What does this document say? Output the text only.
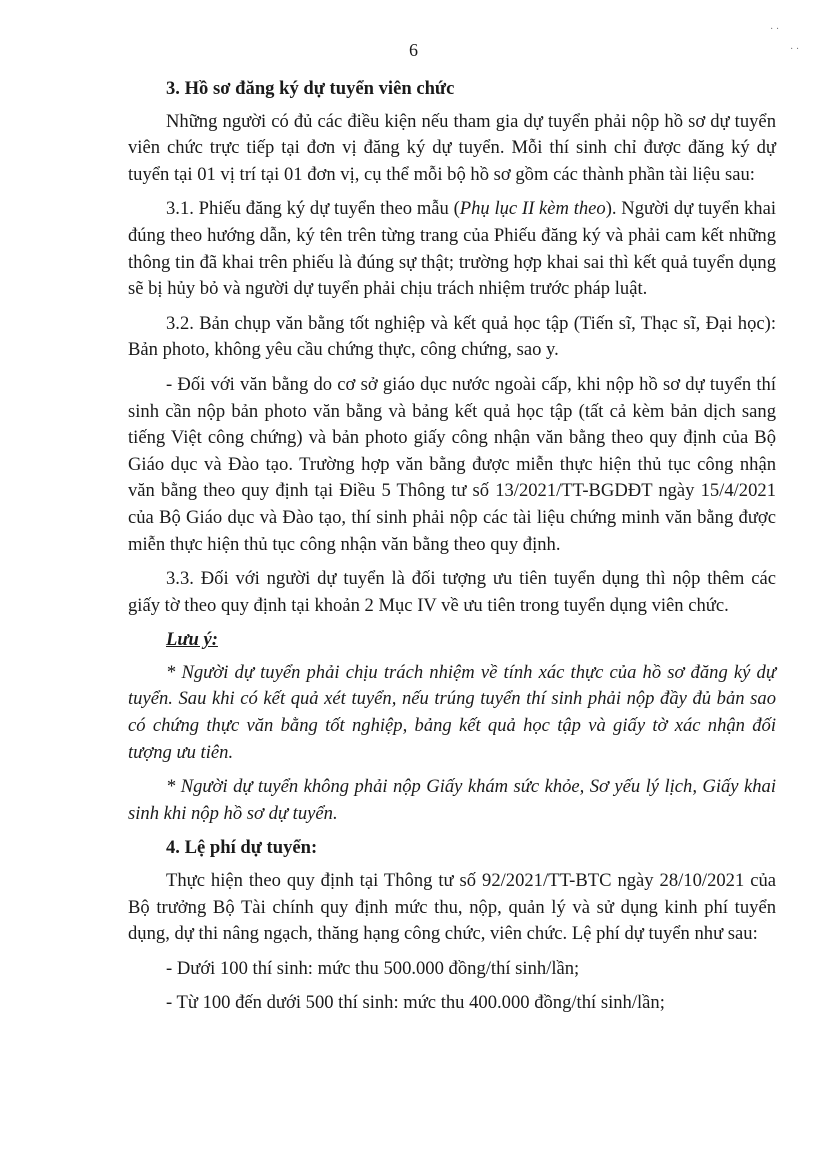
6
· ·
· ·
3. Hồ sơ đăng ký dự tuyển viên chức

Những người có đủ các điều kiện nếu tham gia dự tuyển phải nộp hồ sơ dự tuyển viên chức trực tiếp tại đơn vị đăng ký dự tuyển. Mỗi thí sinh chỉ được đăng ký dự tuyển tại 01 vị trí tại 01 đơn vị, cụ thể mỗi bộ hồ sơ gồm các thành phần tài liệu sau:

3.1. Phiếu đăng ký dự tuyển theo mẫu (Phụ lục II kèm theo). Người dự tuyển khai đúng theo hướng dẫn, ký tên trên từng trang của Phiếu đăng ký và phải cam kết những thông tin đã khai trên phiếu là đúng sự thật; trường hợp khai sai thì kết quả tuyển dụng sẽ bị hủy bỏ và người dự tuyển phải chịu trách nhiệm trước pháp luật.

3.2. Bản chụp văn bằng tốt nghiệp và kết quả học tập (Tiến sĩ, Thạc sĩ, Đại học): Bản photo, không yêu cầu chứng thực, công chứng, sao y.

- Đối với văn bằng do cơ sở giáo dục nước ngoài cấp, khi nộp hồ sơ dự tuyển thí sinh cần nộp bản photo văn bằng và bảng kết quả học tập (tất cả kèm bản dịch sang tiếng Việt công chứng) và bản photo giấy công nhận văn bằng theo quy định của Bộ Giáo dục và Đào tạo. Trường hợp văn bằng được miễn thực hiện thủ tục công nhận văn bằng theo quy định tại Điều 5 Thông tư số 13/2021/TT-BGDĐT ngày 15/4/2021 của Bộ Giáo dục và Đào tạo, thí sinh phải nộp các tài liệu chứng minh văn bằng được miễn thực hiện thủ tục công nhận văn bằng theo quy định.

3.3. Đối với người dự tuyển là đối tượng ưu tiên tuyển dụng thì nộp thêm các giấy tờ theo quy định tại khoản 2 Mục IV về ưu tiên trong tuyển dụng viên chức.

Lưu ý:

* Người dự tuyển phải chịu trách nhiệm về tính xác thực của hồ sơ đăng ký dự tuyển. Sau khi có kết quả xét tuyển, nếu trúng tuyển thí sinh phải nộp đầy đủ bản sao có chứng thực văn bằng tốt nghiệp, bảng kết quả học tập và giấy tờ xác nhận đối tượng ưu tiên.

* Người dự tuyển không phải nộp Giấy khám sức khỏe, Sơ yếu lý lịch, Giấy khai sinh khi nộp hồ sơ dự tuyển.

4. Lệ phí dự tuyển:

Thực hiện theo quy định tại Thông tư số 92/2021/TT-BTC ngày 28/10/2021 của Bộ trưởng Bộ Tài chính quy định mức thu, nộp, quản lý và sử dụng kinh phí tuyển dụng, dự thi nâng ngạch, thăng hạng công chức, viên chức. Lệ phí dự tuyển như sau:

- Dưới 100 thí sinh: mức thu 500.000 đồng/thí sinh/lần;

- Từ 100 đến dưới 500 thí sinh: mức thu 400.000 đồng/thí sinh/lần;
